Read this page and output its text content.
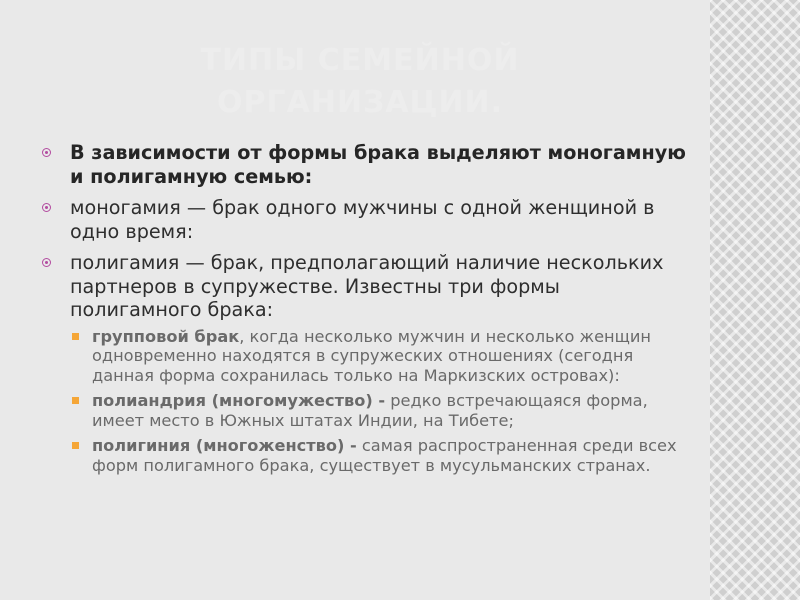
ТИПЫ СЕМЕЙНОЙ
ОРГАНИЗАЦИИ.
В зависимости от формы брака выделяют моногамную и полигамную семью:
моногамия — брак одного мужчины с одной женщиной в одно время:
полигамия — брак, предполагающий наличие нескольких партнеров в супружестве. Известны три формы полигамного брака:
групповой брак, когда несколько мужчин и несколько женщин одновременно находятся в супружеских отношениях (сегодня данная форма сохранилась только на Маркизских островах):
полиандрия (многомужество) - редко встречающаяся форма, имеет место в Южных штатах Индии, на Тибете;
полигиния (многоженство) - самая распространенная среди всех форм полигамного брака, существует в мусульманских странах.
